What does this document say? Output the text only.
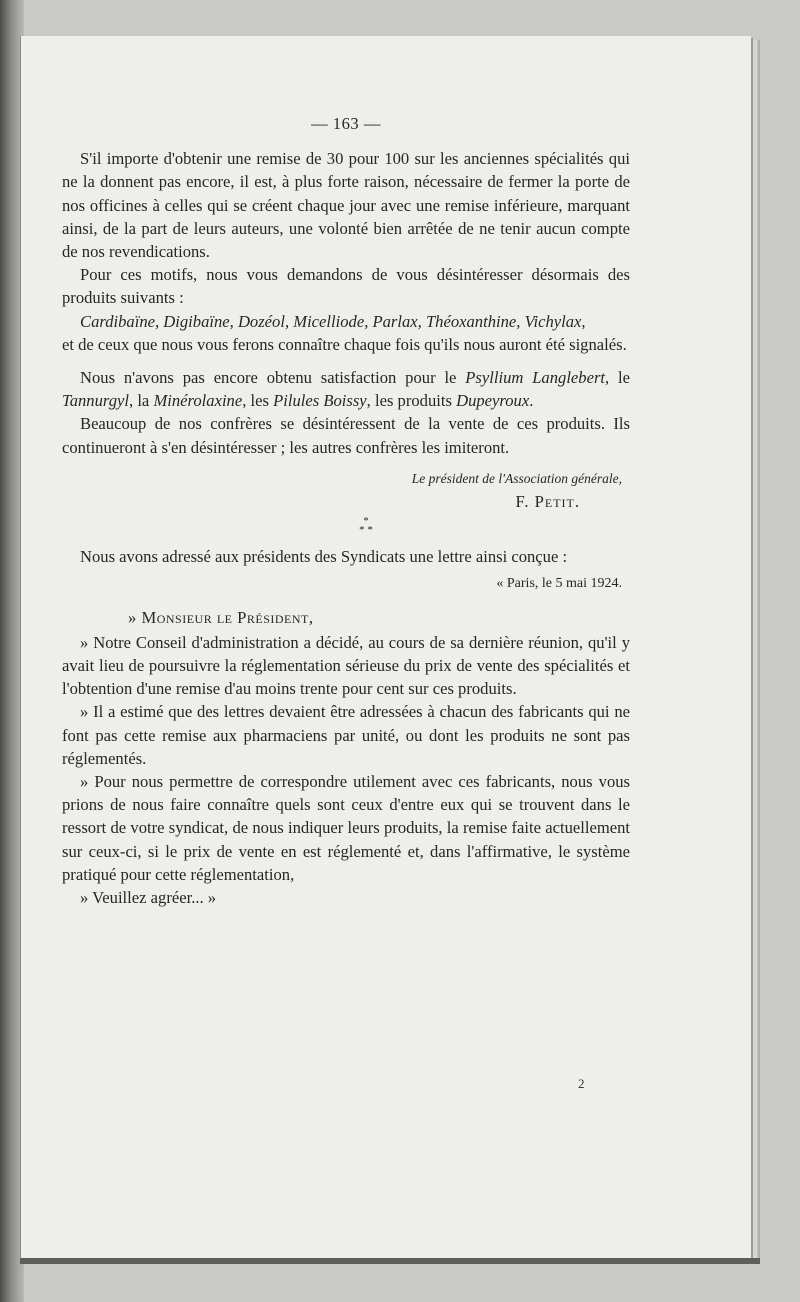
— 163 —

S'il importe d'obtenir une remise de 30 pour 100 sur les anciennes spécialités qui ne la donnent pas encore, il est, à plus forte raison, nécessaire de fermer la porte de nos officines à celles qui se créent chaque jour avec une remise inférieure, marquant ainsi, de la part de leurs auteurs, une volonté bien arrêtée de ne tenir aucun compte de nos revendications.

Pour ces motifs, nous vous demandons de vous désintéresser désormais des produits suivants :

Cardibaïne, Digibaïne, Dozéol, Micelliode, Parlax, Théoxanthine, Vichylax,

et de ceux que nous vous ferons connaître chaque fois qu'ils nous auront été signalés.

Nous n'avons pas encore obtenu satisfaction pour le Psyllium Langlebert, le Tannurgyl, la Minérolaxine, les Pilules Boissy, les produits Dupeyroux.

Beaucoup de nos confrères se désintéressent de la vente de ces produits. Ils continueront à s'en désintéresser ; les autres confrères les imiteront.

Le président de l'Association générale,
F. Petit.
*
* *

Nous avons adressé aux présidents des Syndicats une lettre ainsi conçue :

« Paris, le 5 mai 1924.

» Monsieur le Président,

» Notre Conseil d'administration a décidé, au cours de sa dernière réunion, qu'il y avait lieu de poursuivre la réglementation sérieuse du prix de vente des spécialités et l'obtention d'une remise d'au moins trente pour cent sur ces produits.

» Il a estimé que des lettres devaient être adressées à chacun des fabricants qui ne font pas cette remise aux pharmaciens par unité, ou dont les produits ne sont pas réglementés.

» Pour nous permettre de correspondre utilement avec ces fabricants, nous vous prions de nous faire connaître quels sont ceux d'entre eux qui se trouvent dans le ressort de votre syndicat, de nous indiquer leurs produits, la remise faite actuellement sur ceux-ci, si le prix de vente en est réglementé et, dans l'affirmative, le système pratiqué pour cette réglementation,

» Veuillez agréer... »

2
